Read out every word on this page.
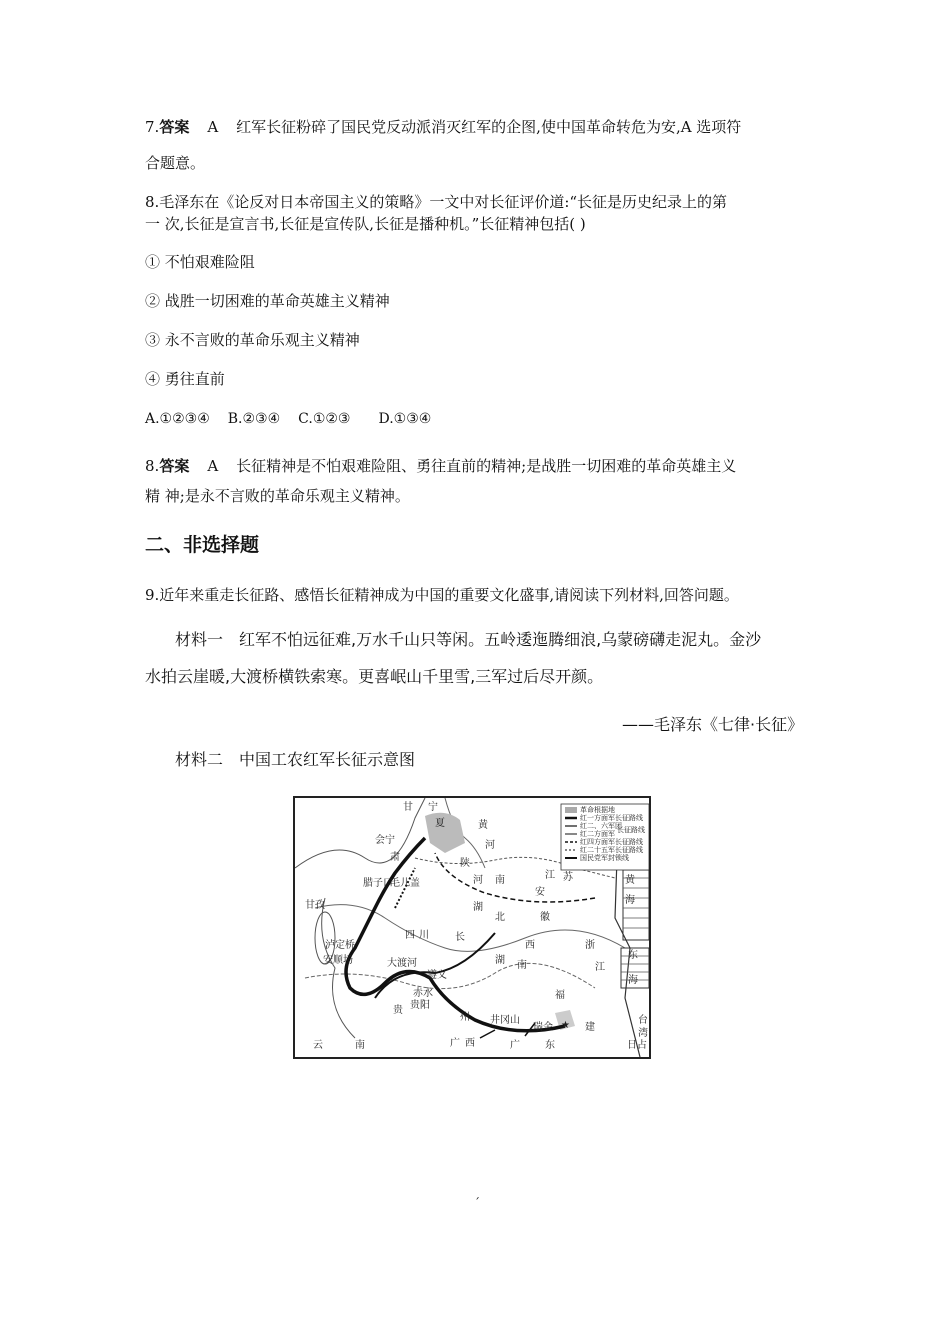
7.答案 A 红军长征粉碎了国民党反动派消灭红军的企图,使中国革命转危为安,A 选项符
合题意。
8.毛泽东在《论反对日本帝国主义的策略》一文中对长征评价道:“长征是历史纪录上的第
一 次,长征是宣言书,长征是宣传队,长征是播种机。”长征精神包括( )
① 不怕艰难险阻
② 战胜一切困难的革命英雄主义精神
③ 永不言败的革命乐观主义精神
④ 勇往直前
A.①②③④ B.②③④ C.①②③ D.①③④
8.答案 A 长征精神是不怕艰难险阻、勇往直前的精神;是战胜一切困难的革命英雄主义
精 神;是永不言败的革命乐观主义精神。
二、非选择题
9.近年来重走长征路、感悟长征精神成为中国的重要文化盛事,请阅读下列材料,回答问题。
材料一　红军不怕远征难,万水千山只等闲。五岭逶迤腾细浪,乌蒙磅礴走泥丸。金沙
水拍云崖暖,大渡桥横铁索寒。更喜岷山千里雪,三军过后尽开颜。
——毛泽东《七律·长征》
材料二　中国工农红军长征示意图
★
革命根据地
红一方面军长征路线
红二、六军团
红二方面军
红四方面军长征路线
红二十五军长征路线
国民党军封锁线
长征路线
甘 宁
夏	黄
河
肃
陕
会宁
腊子口
毛儿盖
甘孜
泸定桥
安顺场	大渡河
四 川	长
湖
北
河 南	江 苏
安
徽
西	浙
江
湖 南
贵
州
遵义
赤水
贵阳
广 西
井冈山
瑞金
福
建
广	东
云	南
黄
海
东
海
台
湾
日占
´
